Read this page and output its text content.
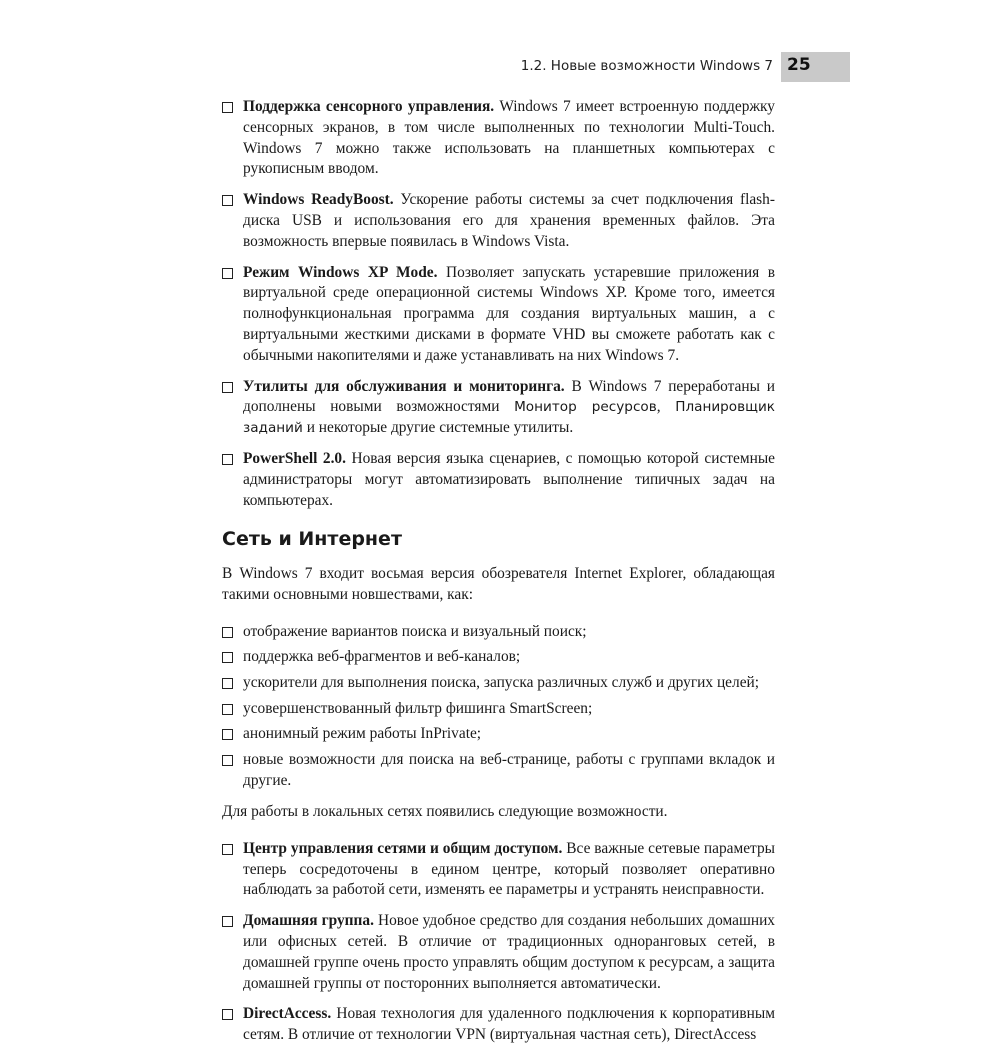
1.2. Новые возможности Windows 7 25
Поддержка сенсорного управления. Windows 7 имеет встроенную поддержку сенсорных экранов, в том числе выполненных по технологии Multi-Touch. Windows 7 можно также использовать на планшетных компьютерах с рукописным вводом.
Windows ReadyBoost. Ускорение работы системы за счет подключения flash-диска USB и использования его для хранения временных файлов. Эта возможность впервые появилась в Windows Vista.
Режим Windows XP Mode. Позволяет запускать устаревшие приложения в виртуальной среде операционной системы Windows XP. Кроме того, имеется полнофункциональная программа для создания виртуальных машин, а с виртуальными жесткими дисками в формате VHD вы сможете работать как с обычными накопителями и даже устанавливать на них Windows 7.
Утилиты для обслуживания и мониторинга. В Windows 7 переработаны и дополнены новыми возможностями Монитор ресурсов, Планировщик заданий и некоторые другие системные утилиты.
PowerShell 2.0. Новая версия языка сценариев, с помощью которой системные администраторы могут автоматизировать выполнение типичных задач на компьютерах.
Сеть и Интернет
В Windows 7 входит восьмая версия обозревателя Internet Explorer, обладающая такими основными новшествами, как:
отображение вариантов поиска и визуальный поиск;
поддержка веб-фрагментов и веб-каналов;
ускорители для выполнения поиска, запуска различных служб и других целей;
усовершенствованный фильтр фишинга SmartScreen;
анонимный режим работы InPrivate;
новые возможности для поиска на веб-странице, работы с группами вкладок и другие.
Для работы в локальных сетях появились следующие возможности.
Центр управления сетями и общим доступом. Все важные сетевые параметры теперь сосредоточены в едином центре, который позволяет оперативно наблюдать за работой сети, изменять ее параметры и устранять неисправности.
Домашняя группа. Новое удобное средство для создания небольших домашних или офисных сетей. В отличие от традиционных одноранговых сетей, в домашней группе очень просто управлять общим доступом к ресурсам, а защита домашней группы от посторонних выполняется автоматически.
DirectAccess. Новая технология для удаленного подключения к корпоративным сетям. В отличие от технологии VPN (виртуальная частная сеть), DirectAccess
